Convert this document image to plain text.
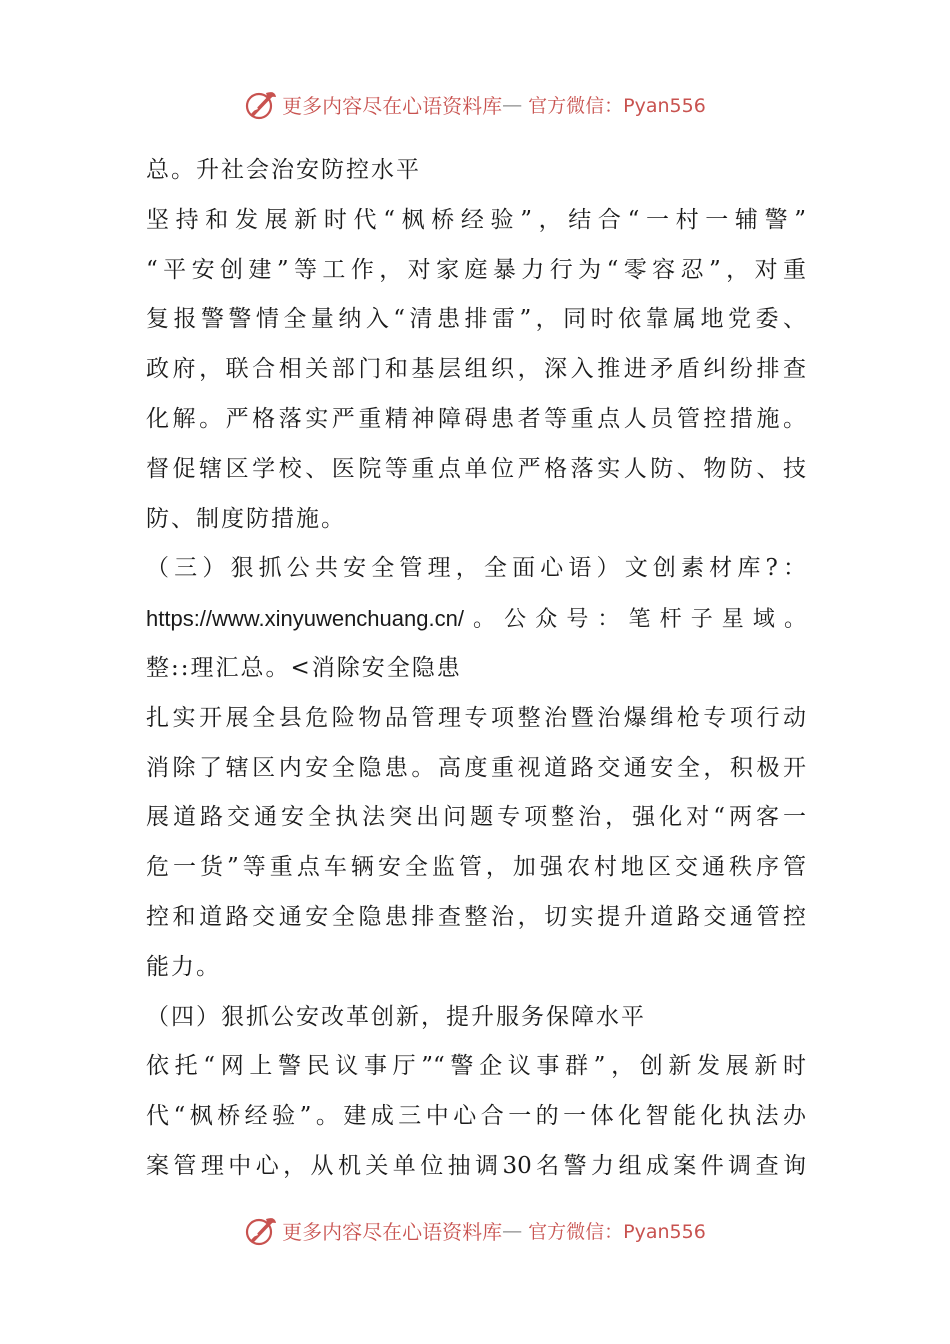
更多内容尽在心语资料库 — 官方微信：Pyan556
总。升社会治安防控水平
坚持和发展新时代“枫桥经验”，结合“一村一辅警”
“平安创建”等工作，对家庭暴力行为“零容忍”，对重
复报警警情全量纳入“清患排雷”，同时依靠属地党委、
政府，联合相关部门和基层组织，深入推进矛盾纠纷排查
化解。严格落实严重精神障碍患者等重点人员管控措施。
督促辖区学校、医院等重点单位严格落实人防、物防、技
防、制度防措施。
（三）狠抓公共安全管理，全面心语）文创素材库?：
https://www.xinyuwenchuang.cn/。公众号：笔杆子星域。
整::理汇总。<消除安全隐患
扎实开展全县危险物品管理专项整治暨治爆缉枪专项行动
消除了辖区内安全隐患。高度重视道路交通安全，积极开
展道路交通安全执法突出问题专项整治，强化对“两客一
危一货”等重点车辆安全监管，加强农村地区交通秩序管
控和道路交通安全隐患排查整治，切实提升道路交通管控
能力。
（四）狠抓公安改革创新，提升服务保障水平
依托“网上警民议事厅”“警企议事群”，创新发展新时
代“枫桥经验”。建成三中心合一的一体化智能化执法办
案管理中心，从机关单位抽调30名警力组成案件调查询
更多内容尽在心语资料库 — 官方微信：Pyan556
